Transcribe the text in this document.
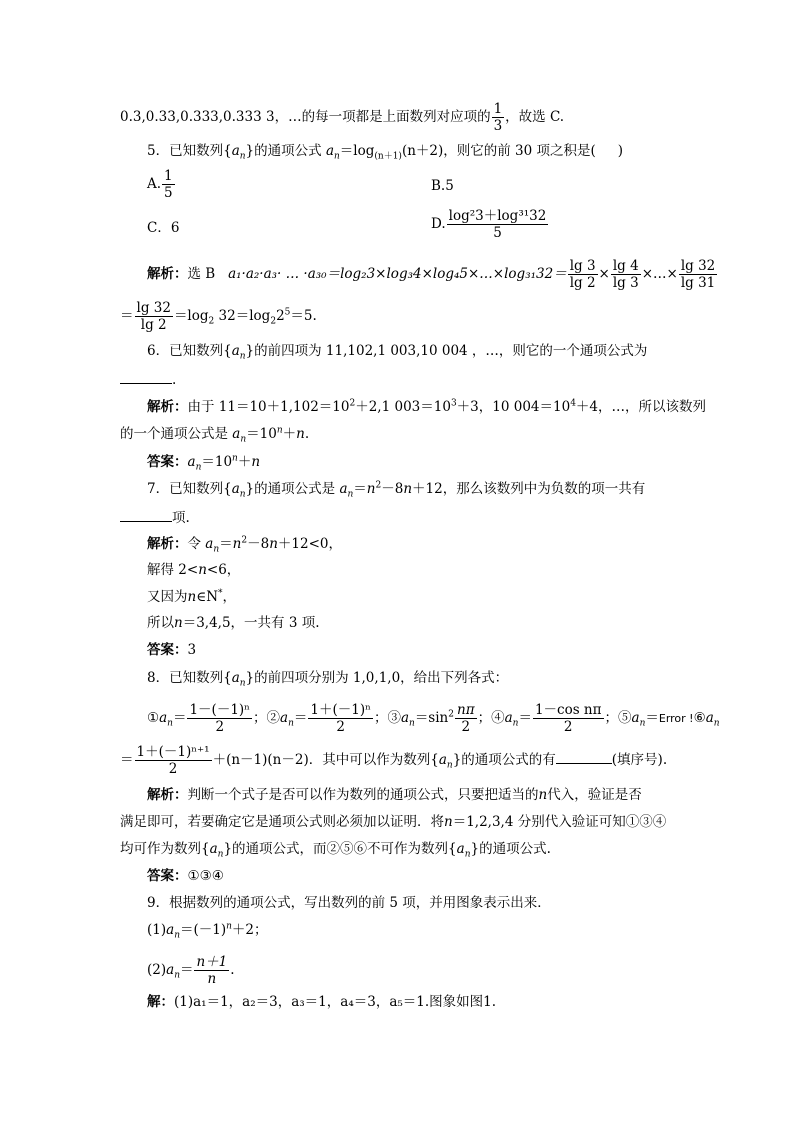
0.3,0.33,0.333,0.333 3，…的每一项都是上面数列对应项的 $\frac{1}{3}$ ，故选 C.
5．已知数列$\{a_n\}$的通项公式 $a_n=\log_{(n+1)}(n+2)$，则它的前 30 项之积是( )
A. $\frac{1}{5}$	B.5
C．6	D. $\frac{\text{log²3＋log³¹32}}{5}$
解析：选 B a₁·a₂·a₃· … ·a₃₀＝log₂3×log₃4×log₄5×…×log₃₁32＝ $\frac{\lg 3}{\lg 2} \times \frac{\lg 4}{\lg 3}$ ×…× $\frac{\lg 32}{\lg 31}$
＝ $\frac{\lg 32}{\lg 2} =\log_2$ $32=\log_22^5=5$.
6．已知数列$\{a_n\}$的前四项为 11,102,1 003,10 004 ，…，则它的一个通项公式为
.
解析：由于 $11=10+1,102=10^2+2,1$ $003=10^3+3$，10 $004=10^4+4$，…，所以该数列
的一个通项公式是 $a_n=10^n+n$.
答案：$a_n=10^n+n$
7．已知数列$\{a_n\}$的通项公式是 $a_n=n^2-8n+12$，那么该数列中为负数的项一共有
项.
解析：令 $a_n=n^2-8n+12<0$，
解得 2<n<6，
又因为n∈N*，
所以n＝3,4,5，一共有 3 项.
答案：3
8．已知数列$\{a_n\}$的前四项分别为 1,0,1,0，给出下列各式：
$①a_n= \frac{\text{1－(－1)ⁿ}}{2}$ ；$②a_n= \frac{\text{1＋(－1)ⁿ}}{2}$ ；$③a_n=\sin^2 \frac{n\pi}{2}$ ；$④a_n= \frac{\text{1－cos nπ}}{2}$ ；$⑤a_n=Error$ $!⑥a_n$
＝ $\frac{\text{1＋(－1)ⁿ⁺¹}}{2} +(n-1)(n-2)$．其中可以作为数列$\{a_n\}$的通项公式的有	(填序号).
解析：判断一个式子是否可以作为数列的通项公式，只要把适当的n代入，验证是否
满足即可，若要确定它是通项公式则必须加以证明．将n＝1,2,3,4 分别代入验证可知①③④
均可作为数列$\{a_n\}$的通项公式，而②⑤⑥不可作为数列$\{a_n\}$的通项公式.
答案：①③④
9．根据数列的通项公式，写出数列的前 5 项，并用图象表示出来．
$(1)a_n=(-1)^n+2$；
$(2)a_n= \frac{n+1}{n}$ .
解：(1)a₁＝1，a₂＝3，a₃＝1，a₄＝3，a₅＝1.图象如图1.
